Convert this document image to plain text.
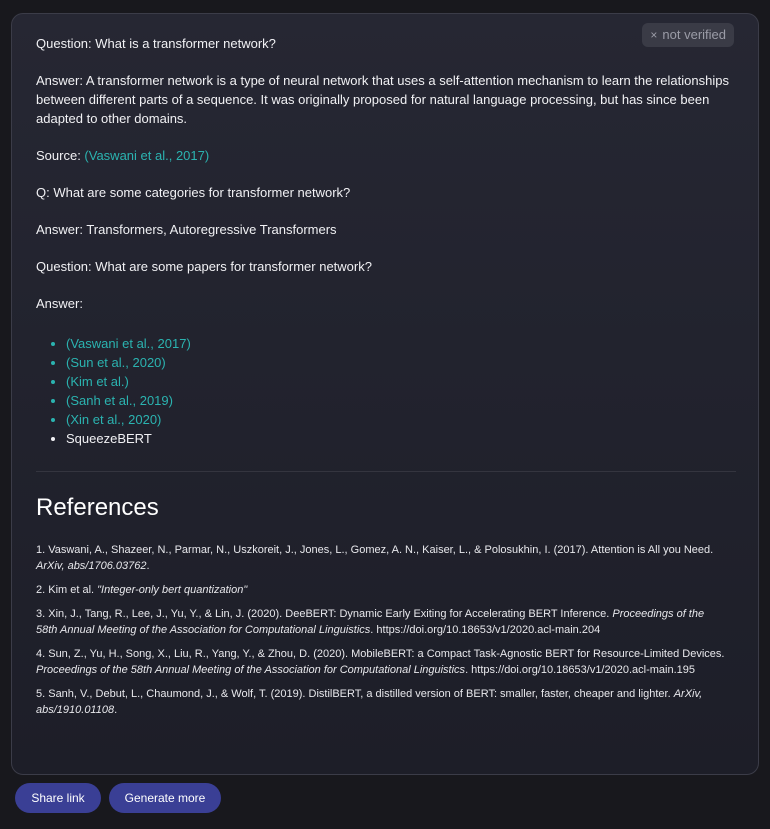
× not verified

Question: What is a transformer network?

Answer: A transformer network is a type of neural network that uses a self-attention mechanism to learn the relationships between different parts of a sequence. It was originally proposed for natural language processing, but has since been adapted to other domains.

Source: (Vaswani et al., 2017)

Q: What are some categories for transformer network?

Answer: Transformers, Autoregressive Transformers

Question: What are some papers for transformer network?

Answer:

• (Vaswani et al., 2017)
• (Sun et al., 2020)
• (Kim et al.)
• (Sanh et al., 2019)
• (Xin et al., 2020)
• SqueezeBERT
References

1. Vaswani, A., Shazeer, N., Parmar, N., Uszkoreit, J., Jones, L., Gomez, A. N., Kaiser, L., & Polosukhin, I. (2017). Attention is All you Need. ArXiv, abs/1706.03762.

2. Kim et al. "Integer-only bert quantization"

3. Xin, J., Tang, R., Lee, J., Yu, Y., & Lin, J. (2020). DeeBERT: Dynamic Early Exiting for Accelerating BERT Inference. Proceedings of the 58th Annual Meeting of the Association for Computational Linguistics. https://doi.org/10.18653/v1/2020.acl-main.204

4. Sun, Z., Yu, H., Song, X., Liu, R., Yang, Y., & Zhou, D. (2020). MobileBERT: a Compact Task-Agnostic BERT for Resource-Limited Devices. Proceedings of the 58th Annual Meeting of the Association for Computational Linguistics. https://doi.org/10.18653/v1/2020.acl-main.195

5. Sanh, V., Debut, L., Chaumond, J., & Wolf, T. (2019). DistilBERT, a distilled version of BERT: smaller, faster, cheaper and lighter. ArXiv, abs/1910.01108.

Share link	Generate more
